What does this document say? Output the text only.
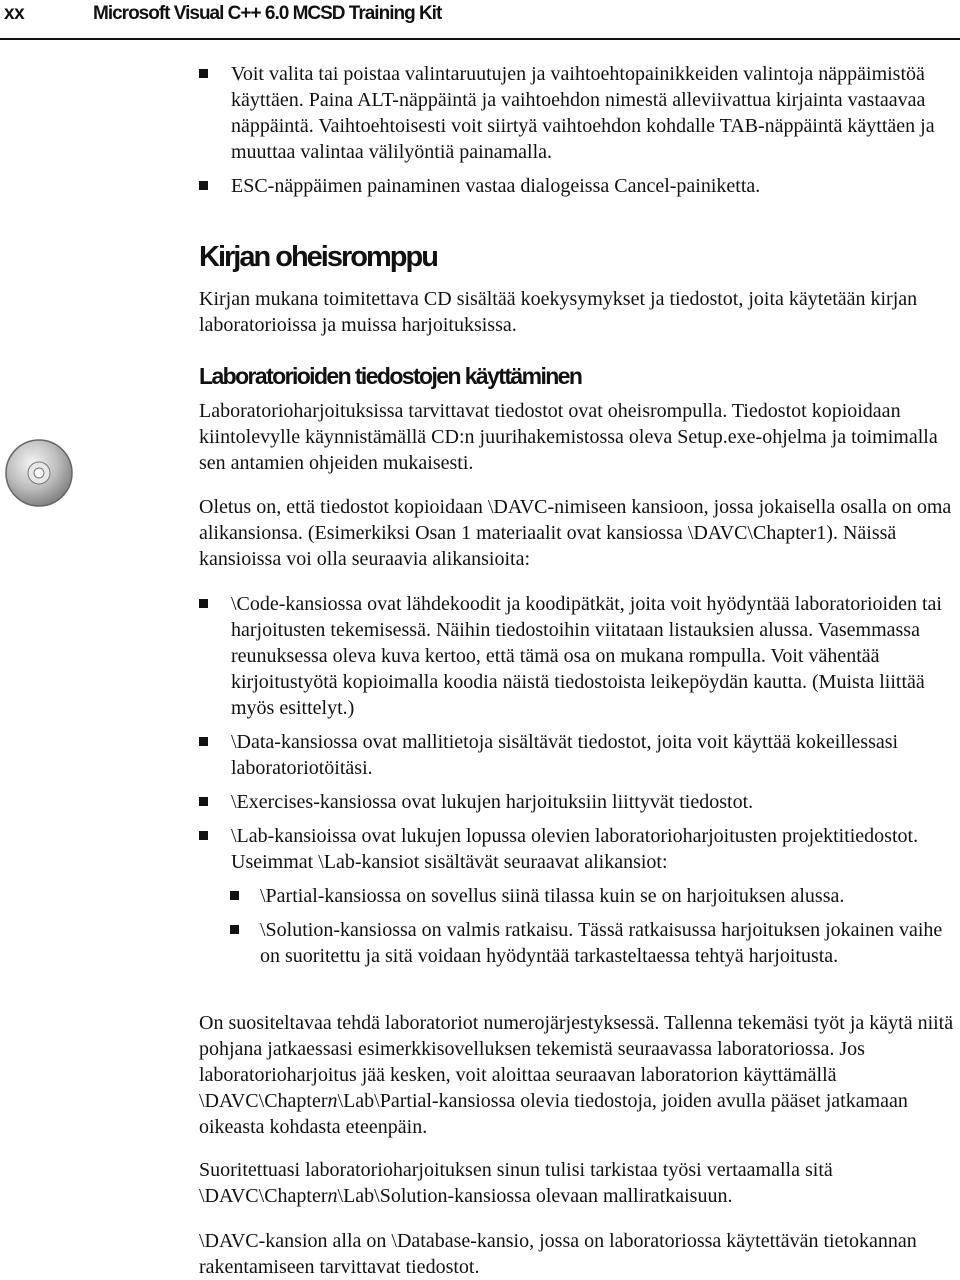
xx	Microsoft Visual C++ 6.0 MCSD Training Kit

Voit valita tai poistaa valintaruutujen ja vaihtoehtopainikkeiden valintoja näppäimistöä käyttäen. Paina ALT-näppäintä ja vaihtoehdon nimestä alleviivattua kirjainta vastaavaa näppäintä. Vaihtoehtoisesti voit siirtyä vaihtoehdon kohdalle TAB-näppäintä käyttäen ja muuttaa valintaa välilyöntiä painamalla.

ESC-näppäimen painaminen vastaa dialogeissa Cancel-painiketta.

Kirjan oheisromppu

Kirjan mukana toimitettava CD sisältää koekysymykset ja tiedostot, joita käytetään kirjan laboratorioissa ja muissa harjoituksissa.

Laboratorioiden tiedostojen käyttäminen

Laboratorioharjoituksissa tarvittavat tiedostot ovat oheisrompulla. Tiedostot kopioidaan kiintolevylle käynnistämällä CD:n juurihakemistossa oleva Setup.exe-ohjelma ja toimimalla sen antamien ohjeiden mukaisesti.

Oletus on, että tiedostot kopioidaan \DAVC-nimiseen kansioon, jossa jokaisella osalla on oma alikansionsa. (Esimerkiksi Osan 1 materiaalit ovat kansiossa \DAVC\Chapter1). Näissä kansioissa voi olla seuraavia alikansioita:

\Code-kansiossa ovat lähdekoodit ja koodipätkät, joita voit hyödyntää laboratorioiden tai harjoitusten tekemisessä. Näihin tiedostoihin viitataan listauksien alussa. Vasemmassa reunuksessa oleva kuva kertoo, että tämä osa on mukana rompulla. Voit vähentää kirjoitustyötä kopioimalla koodia näistä tiedostoista leikepöydän kautta. (Muista liittää myös esittelyt.)

\Data-kansiossa ovat mallitietoja sisältävät tiedostot, joita voit käyttää kokeillessasi laboratoriotöitäsi.

\Exercises-kansiossa ovat lukujen harjoituksiin liittyvät tiedostot.

\Lab-kansioissa ovat lukujen lopussa olevien laboratorioharjoitusten projektitiedostot. Useimmat \Lab-kansiot sisältävät seuraavat alikansiot:

\Partial-kansiossa on sovellus siinä tilassa kuin se on harjoituksen alussa.

\Solution-kansiossa on valmis ratkaisu. Tässä ratkaisussa harjoituksen jokainen vaihe on suoritettu ja sitä voidaan hyödyntää tarkasteltaessa tehtyä harjoitusta.

On suositeltavaa tehdä laboratoriot numerojärjestyksessä. Tallenna tekemäsi työt ja käytä niitä pohjana jatkaessasi esimerkkisovelluksen tekemistä seuraavassa laboratoriossa. Jos laboratorioharjoitus jää kesken, voit aloittaa seuraavan laboratorion käyttämällä \DAVC\Chaptern\Lab\Partial-kansiossa olevia tiedostoja, joiden avulla pääset jatkamaan oikeasta kohdasta eteenpäin.

Suoritettuasi laboratorioharjoituksen sinun tulisi tarkistaa työsi vertaamalla sitä \DAVC\Chaptern\Lab\Solution-kansiossa olevaan malliratkaisuun.

\DAVC-kansion alla on \Database-kansio, jossa on laboratoriossa käytettävän tietokannan rakentamiseen tarvittavat tiedostot.
